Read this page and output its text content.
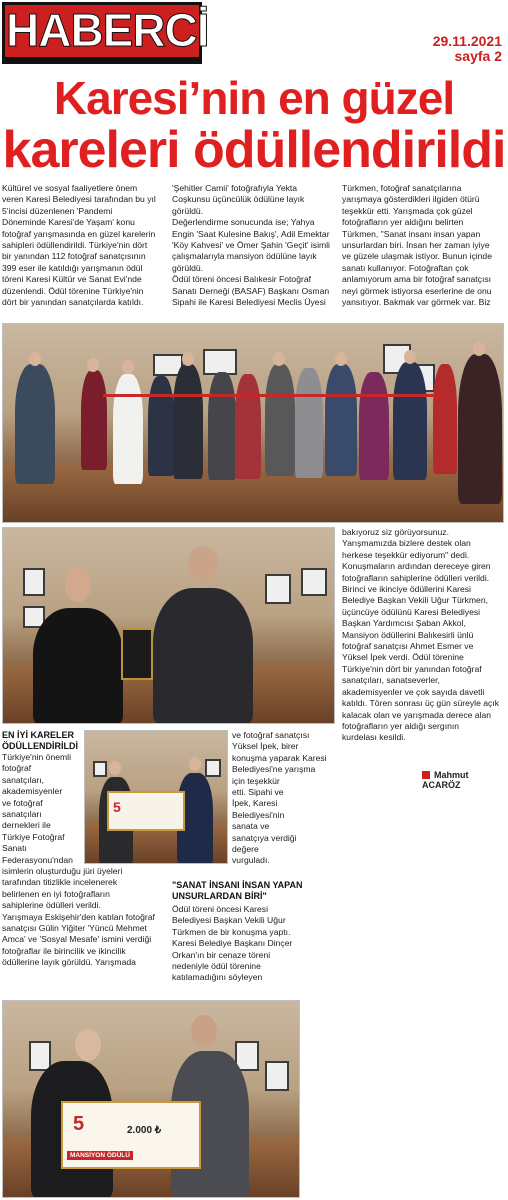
HABERCİ	29.11.2021
sayfa 2
Karesi’nin en güzel
kareleri ödüllendirildi

Kültürel ve sosyal faaliyetlere önem
veren Karesi Belediyesi tarafından bu yıl
5'incisi düzenlenen 'Pandemi
Döneminde Karesi'de Yaşam' konu
fotoğraf yarışmasında en güzel karelerin
sahipleri ödüllendirildi. Türkiye'nin dört
bir yanından 112 fotoğraf sanatçısının
399 eser ile katıldığı yarışmanın ödül
töreni Karesi Kültür ve Sanat Evi'nde
düzenlendi. Ödül törenine Türkiye'nin
dört bir yanından sanatçılarda katıldı.

'Şehitler Camii' fotoğrafıyla Yekta
Coşkunsu üçüncülük ödülüne layık
görüldü.
Değerlendirme sonucunda ise; Yahya
Engin 'Saat Kulesine Bakış', Adil Emektar
'Köy Kahvesi' ve Ömer Şahin 'Geçit' isimli
çalışmalarıyla mansiyon ödülüne layık
görüldü.
Ödül töreni öncesi Balıkesir Fotoğraf
Sanatı Derneği (BASAF) Başkanı Osman
Sipahi ile Karesi Belediyesi Meclis Üyesi

Türkmen, fotoğraf sanatçılarına
yarışmaya gösterdikleri ilgiden ötürü
teşekkür etti. Yarışmada çok güzel
fotoğrafların yer aldığını belirten
Türkmen, "Sanat insanı insan yapan
unsurlardan biri. İnsan her zaman iyiye
ve güzele ulaşmak istiyor. Bunun içinde
sanatı kullanıyor. Fotoğraftan çok
anlamıyorum ama bir fotoğraf sanatçısı
neyi görmek istiyorsa eserlerine de onu
yansıtıyor. Bakmak var görmek var. Biz

bakıyoruz siz görüyorsunuz.
Yarışmamızda bizlere destek olan
herkese teşekkür ediyorum" dedi.
Konuşmaların ardından dereceye giren
fotoğrafların sahiplerine ödülleri verildi.
Birinci ve ikinciye ödüllerini Karesi
Belediye Başkan Vekili Uğur Türkmen,
üçüncüye ödülünü Karesi Belediyesi
Başkan Yardımcısı Şaban Akkol,
Mansiyon ödüllerini Balıkesirli ünlü
fotoğraf sanatçısı Ahmet Esmer ve
Yüksel İpek verdi. Ödül törenine
Türkiye'nin dört bir yanından fotoğraf
sanatçıları, sanatseverler,
akademisyenler ve çok sayıda davetli
katıldı. Tören sonrası üç gün süreyle açık
kalacak olan ve yarışmada derece alan
fotoğrafların yer aldığı sergının
kurdelası kesildi.

Mahmut ACARÖZ
EN İYİ KARELER
ÖDÜLLENDİRİLDİ

Türkiye'nin önemli
fotoğraf
sanatçıları,
akademisyenler
ve fotoğraf
sanatçıları
dernekleri ile
Türkiye Fotoğraf
Sanatı
Federasyonu'ndan

isimlerin oluşturduğu jüri üyeleri
tarafından titizlikle incelenerek
belirlenen en iyi fotoğrafların
sahiplerine ödülleri verildi.
Yarışmaya Eskişehir'den katılan fotoğraf
sanatçısı Gülin Yiğiter 'Yüncü Mehmet
Amca' ve 'Sosyal Mesafe' ismini verdiği
fotoğraflar ile birincilik ve ikincilik
ödüllerine layık görüldü. Yarışmada

5

ve fotoğraf sanatçısı
Yüksel İpek, birer
konuşma yaparak Karesi
Belediyesi'ne yarışma
için teşekkür
etti. Sipahi ve
İpek, Karesi
Belediyesi'nin
sanata ve
sanatçıya verdiği
değere
vurguladı.

"SANAT İNSANI İNSAN YAPAN
UNSURLARDAN BİRİ"

Ödül töreni öncesi Karesi
Belediyesi Başkan Vekili Uğur
Türkmen de bir konuşma yaptı.
Karesi Belediye Başkanı Dinçer
Orkan'ın bir cenaze töreni
nedeniyle ödül törenine
katılamadığını söyleyen

5	2.000 ₺
MANSİYON ÖDÜLÜ
